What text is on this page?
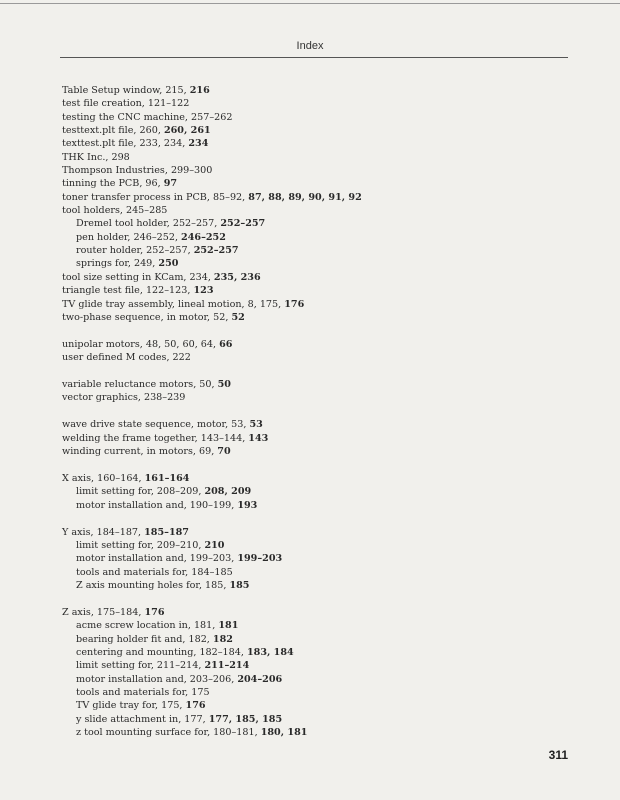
Index
Table Setup window, 215, 216
test file creation, 121–122
testing the CNC machine, 257–262
testtext.plt file, 260, 260, 261
texttest.plt file, 233, 234, 234
THK Inc., 298
Thompson Industries, 299–300
tinning the PCB, 96, 97
toner transfer process in PCB, 85–92, 87, 88, 89, 90, 91, 92
tool holders, 245–285
Dremel tool holder, 252–257, 252–257
pen holder, 246–252, 246–252
router holder, 252–257, 252–257
springs for, 249, 250
tool size setting in KCam, 234, 235, 236
triangle test file, 122–123, 123
TV glide tray assembly, lineal motion, 8, 175, 176
two-phase sequence, in motor, 52, 52
unipolar motors, 48, 50, 60, 64, 66
user defined M codes, 222
variable reluctance motors, 50, 50
vector graphics, 238–239
wave drive state sequence, motor, 53, 53
welding the frame together, 143–144, 143
winding current, in motors, 69, 70
X axis, 160–164, 161–164
limit setting for, 208–209, 208, 209
motor installation and, 190–199, 193
Y axis, 184–187, 185–187
limit setting for, 209–210, 210
motor installation and, 199–203, 199–203
tools and materials for, 184–185
Z axis mounting holes for, 185, 185
Z axis, 175–184, 176
acme screw location in, 181, 181
bearing holder fit and, 182, 182
centering and mounting, 182–184, 183, 184
limit setting for, 211–214, 211–214
motor installation and, 203–206, 204–206
tools and materials for, 175
TV glide tray for, 175, 176
y slide attachment in, 177, 177, 185, 185
z tool mounting surface for, 180–181, 180, 181
311
